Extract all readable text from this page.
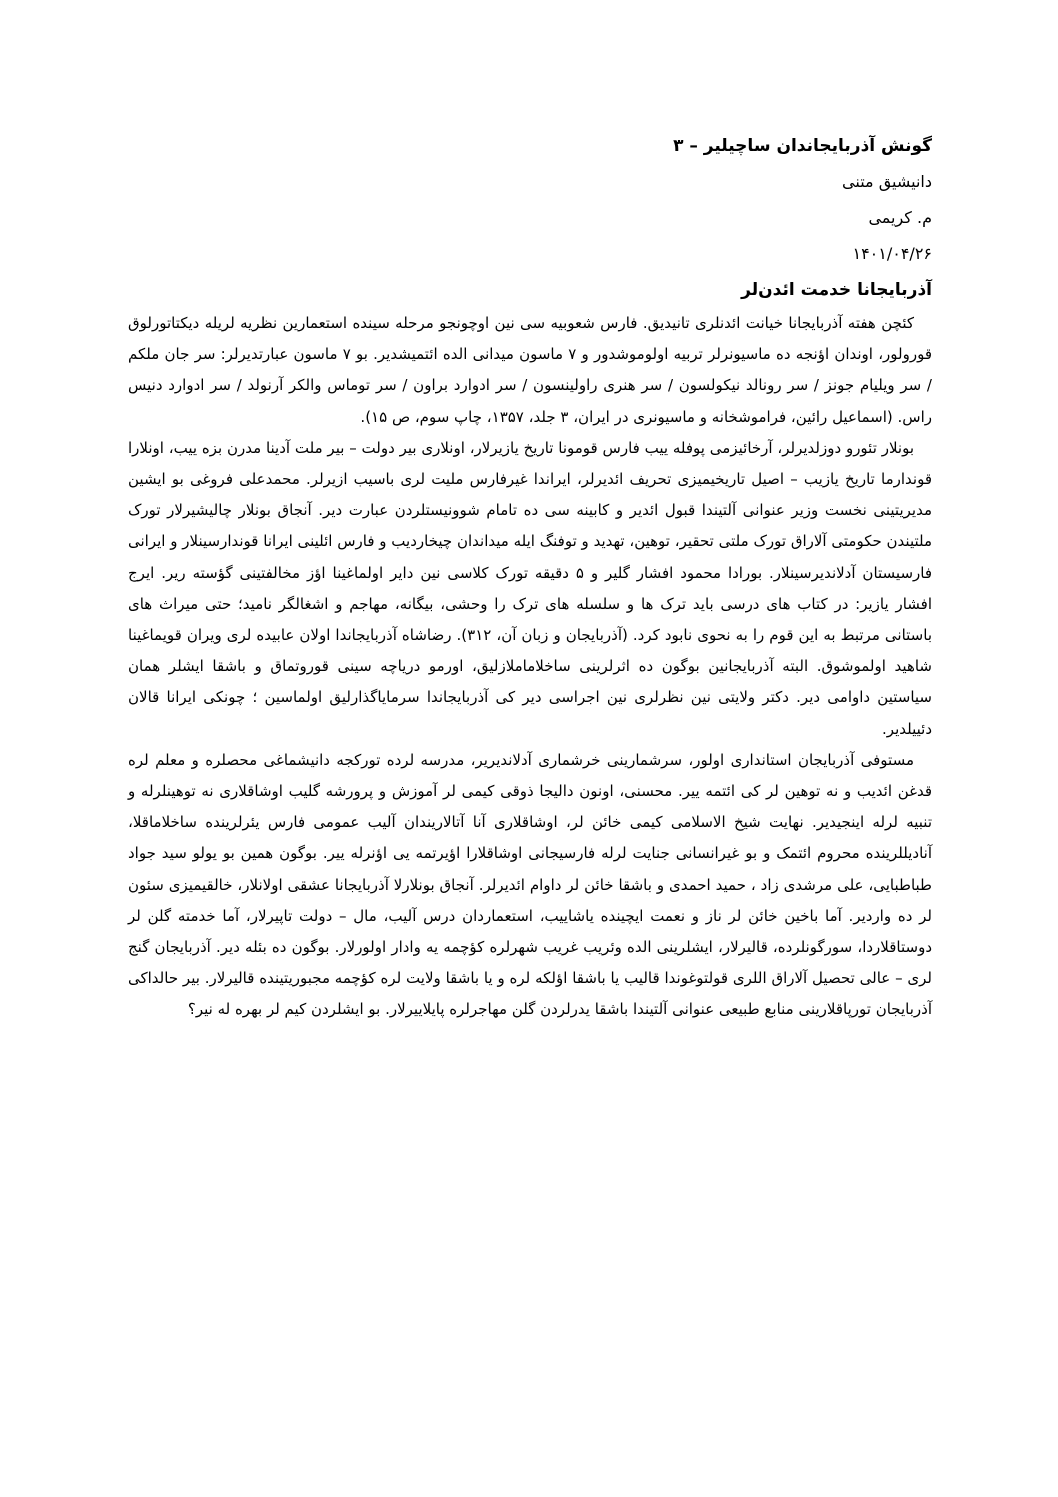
گونش آذربایجاندان ساچیلیر – ۳

دانیشیق متنی

م. کریمی

۱۴۰۱/۰۴/۲۶

آذربایجانا خدمت ائدن‌لر

کئچن هفته آذربایجانا خیانت ائدنلری تانیدیق. فارس شعوبیه سی نین اوچونجو مرحله سینده استعمارین نظریه لریله دیکتاتورلوق قورولور، اوندان اؤنجه ده ماسیونرلر تربیه اولوموشدور و ۷ ماسون میدانی الده ائتمیشدیر. بو ۷ ماسون عبارتدیرلر: سر جان ملکم / سر ویلیام جونز / سر رونالد نیکولسون / سر هنری راولینسون / سر ادوارد براون / سر توماس والکر آرنولد / سر ادوارد دنیس راس. (اسماعیل رائین، فراموشخانه و ماسیونری در ایران، ۳ جلد، ۱۳۵۷، چاپ سوم، ص ۱۵).

بونلار تئورو دوزلدیرلر، آرخائیزمی پوفله ییب فارس قومونا تاریخ یازیرلار، اونلاری بیر دولت – بیر ملت آدینا مدرن بزه ییب، اونلارا قوندارما تاریخ یازیب – اصیل تاریخیمیزی تحریف ائدیرلر، ایراندا غیرفارس ملیت لری باسیب ازیرلر. محمدعلی فروغی بو ایشین مدیریتینی نخست وزیر عنوانی آلتیندا قبول ائدیر و کابینه سی ده تامام شوونیستلردن عبارت دیر. آنجاق بونلار چالیشیرلار تورک ملتیندن حکومتی آلاراق تورک ملتی تحقیر، توهین، تهدید و توفنگ ایله میداندان چیخاردیب و فارس ائلینی ایرانا قوندارسینلار و ایرانی فارسیستان آدلاندیرسینلار. بورادا محمود افشار گلیر و ۵ دقیقه تورک کلاسی نین دایر اولماغینا اؤز مخالفتینی گؤسته ریر. ایرج افشار یازیر: در کتاب های درسی باید ترک ها و سلسله های ترک را وحشی، بیگانه، مهاجم و اشغالگر نامید؛ حتی میراث های باستانی مرتبط به این قوم را به نحوی نابود کرد. (آذربایجان و زبان آن، ۳۱۲). رضاشاه آذربایجاندا اولان عابیده لری ویران قویماغینا شاهید اولموشوق. البته آذربایجانین بوگون ده اثرلرینی ساخلاماملازلیق، اورمو دریاچه سینی قوروتماق و باشقا ایشلر همان سیاستین داوامی دیر. دکتر ولایتی نین نظرلری نین اجراسی دیر کی آذربایجاندا سرمایاگذارلیق اولماسین ؛ چونکی ایرانا قالان دئییلدیر.

مستوفی آذربایجان استانداری اولور، سرشمارینی خرشماری آدلاندیریر، مدرسه لرده تورکجه دانیشماغی محصلره و معلم لره قدغن ائدیب و نه توهین لر کی ائتمه ییر. محسنی، اونون دالیجا ذوقی کیمی لر آموزش و پرورشه گلیب اوشاقلاری نه توهینلرله و تنبیه لرله اینجیدیر. نهایت شیخ الاسلامی کیمی خائن لر، اوشاقلاری آنا آتالاریندان آلیب عمومی فارس یئرلرینده ساخلاماقلا، آنادیللرینده محروم ائتمک و بو غیرانسانی جنایت لرله فارسیجانی اوشاقلارا اؤیرتمه یی اؤنرله ییر. بوگون همین بو یولو سید جواد طباطبایی، علی مرشدی زاد ، حمید احمدی و باشقا خائن لر داوام ائدیرلر. آنجاق بونلارلا آذربایجانا عشقی اولانلار، خالقیمیزی سئون لر ده واردیر. آما باخین خائن لر ناز و نعمت ایچینده یاشاییب، استعماردان درس آلیب، مال – دولت تاپیرلار، آما خدمته گلن لر دوستاقلاردا، سورگونلرده، قالیرلار، ایشلرینی الده وئریب غریب شهرلره کؤچمه یه وادار اولورلار. بوگون ده بئله دیر. آذربایجان گنج لری – عالی تحصیل آلاراق اللری قولتوغوندا قالیب یا باشقا اؤلکه لره و یا باشقا ولایت لره کؤچمه مجبوریتینده قالیرلار. بیر حالداکی آذربایجان تورپاقلارینی منابع طبیعی عنوانی آلتیندا باشقا یدرلردن گلن مهاجرلره پایلاییرلار. بو ایشلردن کیم لر بهره له نیر؟
